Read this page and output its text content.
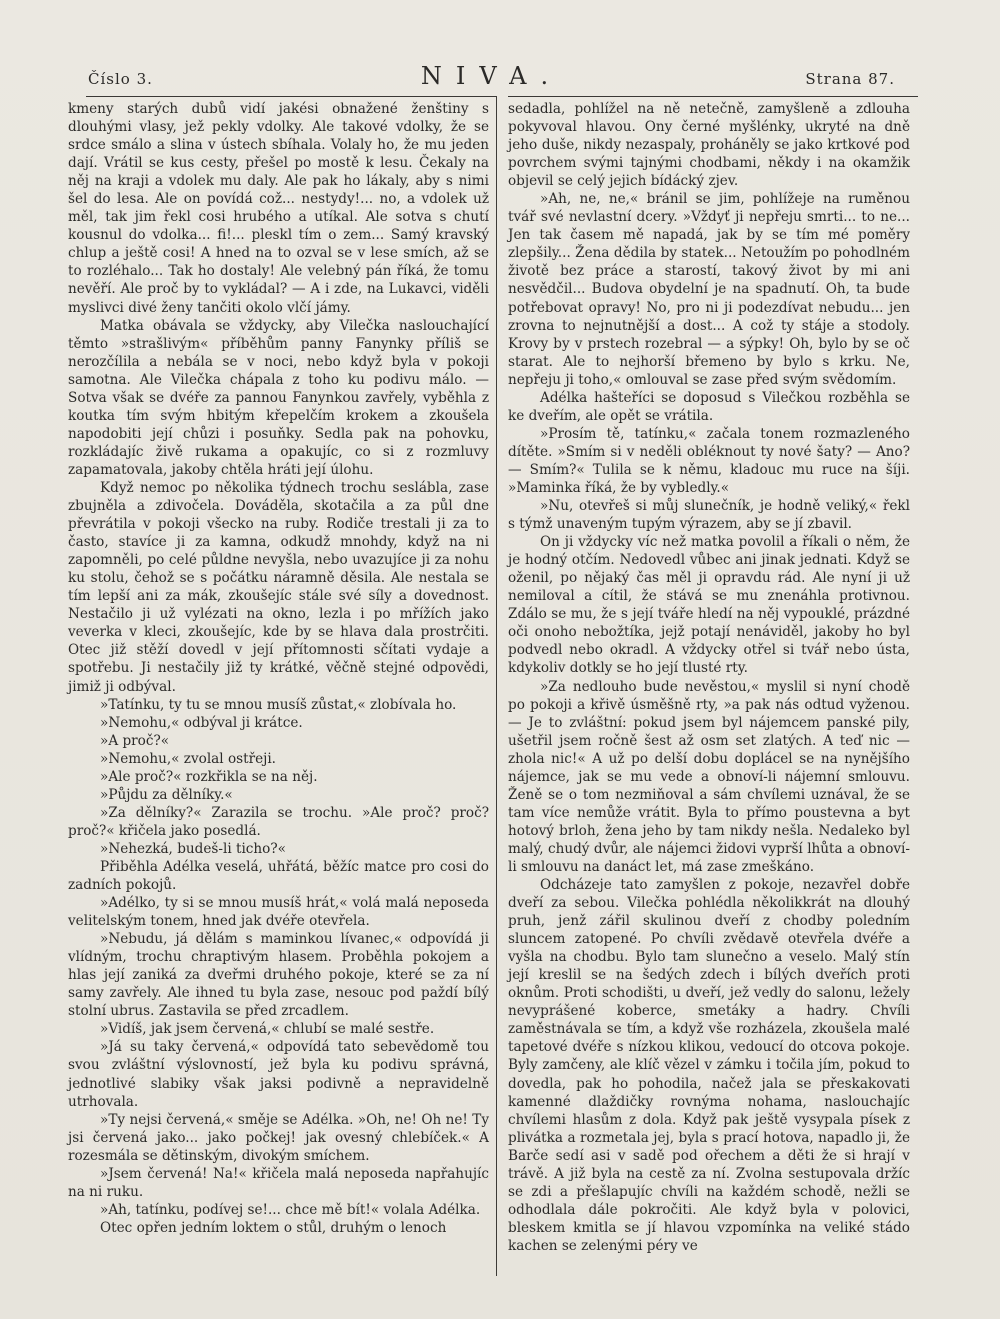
Číslo 3.	NIVA.	Strana 87.

kmeny starých dubů vidí jakési obnažené ženštiny s dlouhými vlasy, jež pekly vdolky. Ale takové vdolky, že se srdce smálo a slina v ústech sbíhala. Volaly ho, že mu jeden dají. Vrátil se kus cesty, přešel po mostě k lesu. Čekaly na něj na kraji a vdolek mu daly. Ale pak ho lákaly, aby s nimi šel do lesa. Ale on povídá což... nestydy!... no, a vdolek už měl, tak jim řekl cosi hrubého a utíkal. Ale sotva s chutí kousnul do vdolka... fi!... pleskl tím o zem... Samý kravský chlup a ještě cosi! A hned na to ozval se v lese smích, až se to rozléhalo... Tak ho dostaly! Ale velebný pán říká, že tomu nevěří. Ale proč by to vykládal? — A i zde, na Lukavci, viděli myslivci divé ženy tančiti okolo vlčí jámy.

Matka obávala se vždycky, aby Vilečka naslouchající těmto »strašlivým« příběhům panny Fanynky příliš se nerozčílila a nebála se v noci, nebo když byla v pokoji samotna. Ale Vilečka chápala z toho ku podivu málo. — Sotva však se dvéře za pannou Fanynkou zavřely, vyběhla z koutka tím svým hbitým křepelčím krokem a zkoušela napodobiti její chůzi i posuňky. Sedla pak na pohovku, rozkládajíc živě rukama a opakujíc, co si z rozmluvy zapamatovala, jakoby chtěla hráti její úlohu.

Když nemoc po několika týdnech trochu seslábla, zase zbujněla a zdivočela. Dováděla, skotačila a za půl dne převrátila v pokoji všecko na ruby. Rodiče trestali ji za to často, stavíce ji za kamna, odkudž mnohdy, když na ni zapomněli, po celé půldne nevyšla, nebo uvazujíce ji za nohu ku stolu, čehož se s počátku náramně děsila. Ale nestala se tím lepší ani za mák, zkoušejíc stále své síly a dovednost. Nestačilo ji už vylézati na okno, lezla i po mřížích jako veverka v kleci, zkoušejíc, kde by se hlava dala prostrčiti. Otec již stěží dovedl v její přítomnosti sčítati vydaje a spotřebu. Ji nestačily již ty krátké, věčně stejné odpovědi, jimiž ji odbýval.

»Tatínku, ty tu se mnou musíš zůstat,« zlobívala ho.

»Nemohu,« odbýval ji krátce.

»A proč?«

»Nemohu,« zvolal ostřeji.

»Ale proč?« rozkřikla se na něj.

»Půjdu za dělníky.«

»Za dělníky?« Zarazila se trochu. »Ale proč? proč? proč?« křičela jako posedlá.

»Nehezká, budeš-li ticho?«

Přiběhla Adélka veselá, uhřátá, běžíc matce pro cosi do zadních pokojů.

»Adélko, ty si se mnou musíš hrát,« volá malá neposeda velitelským tonem, hned jak dvéře otevřela.

»Nebudu, já dělám s maminkou lívanec,« odpovídá ji vlídným, trochu chraptivým hlasem. Proběhla pokojem a hlas její zaniká za dveřmi druhého pokoje, které se za ní samy zavřely. Ale ihned tu byla zase, nesouc pod paždí bílý stolní ubrus. Zastavila se před zrcadlem.

»Vidíš, jak jsem červená,« chlubí se malé sestře.

»Já su taky červená,« odpovídá tato sebevědomě tou svou zvláštní výslovností, jež byla ku podivu správná, jednotlivé slabiky však jaksi podivně a nepravidelně utrhovala.

»Ty nejsi červená,« směje se Adélka. »Oh, ne! Oh ne! Ty jsi červená jako... jako počkej! jak ovesný chlebíček.« A rozesmála se dětinským, divokým smíchem.

»Jsem červená! Na!« křičela malá neposeda napřahujíc na ni ruku.

»Ah, tatínku, podívej se!... chce mě bít!« volala Adélka.

Otec opřen jedním loktem o stůl, druhým o lenoch

sedadla, pohlížel na ně netečně, zamyšleně a zdlouha pokyvoval hlavou. Ony černé myšlénky, ukryté na dně jeho duše, nikdy nezaspaly, proháněly se jako krtkové pod povrchem svými tajnými chodbami, někdy i na okamžik objevil se celý jejich bídácký zjev.

»Ah, ne, ne,« bránil se jim, pohlížeje na ruměnou tvář své nevlastní dcery. »Vždyť ji nepřeju smrti... to ne... Jen tak časem mě napadá, jak by se tím mé poměry zlepšily... Žena dědila by statek... Netoužím po pohodlném životě bez práce a starostí, takový život by mi ani nesvědčil... Budova obydelní je na spadnutí. Oh, ta bude potřebovat opravy! No, pro ni ji podezdívat nebudu... jen zrovna to nejnutnější a dost... A což ty stáje a stodoly. Krovy by v prstech rozebral — a sýpky! Oh, bylo by se oč starat. Ale to nejhorší břemeno by bylo s krku. Ne, nepřeju ji toho,« omlouval se zase před svým svědomím.

Adélka hašteříci se doposud s Vilečkou rozběhla se ke dveřím, ale opět se vrátila.

»Prosím tě, tatínku,« začala tonem rozmazleného dítěte. »Smím si v neděli obléknout ty nové šaty? — Ano? — Smím?« Tulila se k němu, kladouc mu ruce na šíji. »Maminka říká, že by vybledly.«

»Nu, otevřeš si můj slunečník, je hodně veliký,« řekl s týmž unaveným tupým výrazem, aby se jí zbavil.

On ji vždycky víc než matka povolil a říkali o něm, že je hodný otčím. Nedovedl vůbec ani jinak jednati. Když se oženil, po nějaký čas měl ji opravdu rád. Ale nyní ji už nemiloval a cítil, že stává se mu znenáhla protivnou. Zdálo se mu, že s její tváře hledí na něj vypouklé, prázdné oči onoho nebožtíka, jejž potají nenáviděl, jakoby ho byl podvedl nebo okradl. A vždycky otřel si tvář nebo ústa, kdykoliv dotkly se ho její tlusté rty.

»Za nedlouho bude nevěstou,« myslil si nyní chodě po pokoji a křivě úsměšně rty, »a pak nás odtud vyženou. — Je to zvláštní: pokud jsem byl nájemcem panské pily, ušetřil jsem ročně šest až osm set zlatých. A teď nic — zhola nic!« A už po delší dobu doplácel se na nynějšího nájemce, jak se mu vede a obnoví-li nájemní smlouvu. Ženě se o tom nezmiňoval a sám chvílemi uznával, že se tam více nemůže vrátit. Byla to přímo poustevna a byt hotový brloh, žena jeho by tam nikdy nešla. Nedaleko byl malý, chudý dvůr, ale nájemci židovi vyprší lhůta a obnoví-li smlouvu na danáct let, má zase zmeškáno.

Odcházeje tato zamyšlen z pokoje, nezavřel dobře dveří za sebou. Vilečka pohlédla několikkrát na dlouhý pruh, jenž zářil skulinou dveří z chodby poledním sluncem zatopené. Po chvíli zvědavě otevřela dvéře a vyšla na chodbu. Bylo tam slunečno a veselo. Malý stín její kreslil se na šedých zdech i bílých dveřích proti oknům. Proti schodišti, u dveří, jež vedly do salonu, ležely nevyprášené koberce, smetáky a hadry. Chvíli zaměstnávala se tím, a když vše rozházela, zkoušela malé tapetové dvéře s nízkou klikou, vedoucí do otcova pokoje. Byly zamčeny, ale klíč vězel v zámku i točila jím, pokud to dovedla, pak ho pohodila, načež jala se přeskakovati kamenné dlaždičky rovnýma nohama, naslouchajíc chvílemi hlasům z dola. Když pak ještě vysypala písek z plivátka a rozmetala jej, byla s prací hotova, napadlo ji, že Barče sedí asi v sadě pod ořechem a děti že si hrají v trávě. A již byla na cestě za ní. Zvolna sestupovala držíc se zdi a přešlapujíc chvíli na každém schodě, nežli se odhodlala dále pokročiti. Ale když byla v polovici, bleskem kmitla se jí hlavou vzpomínka na veliké stádo kachen se zelenými péry ve
